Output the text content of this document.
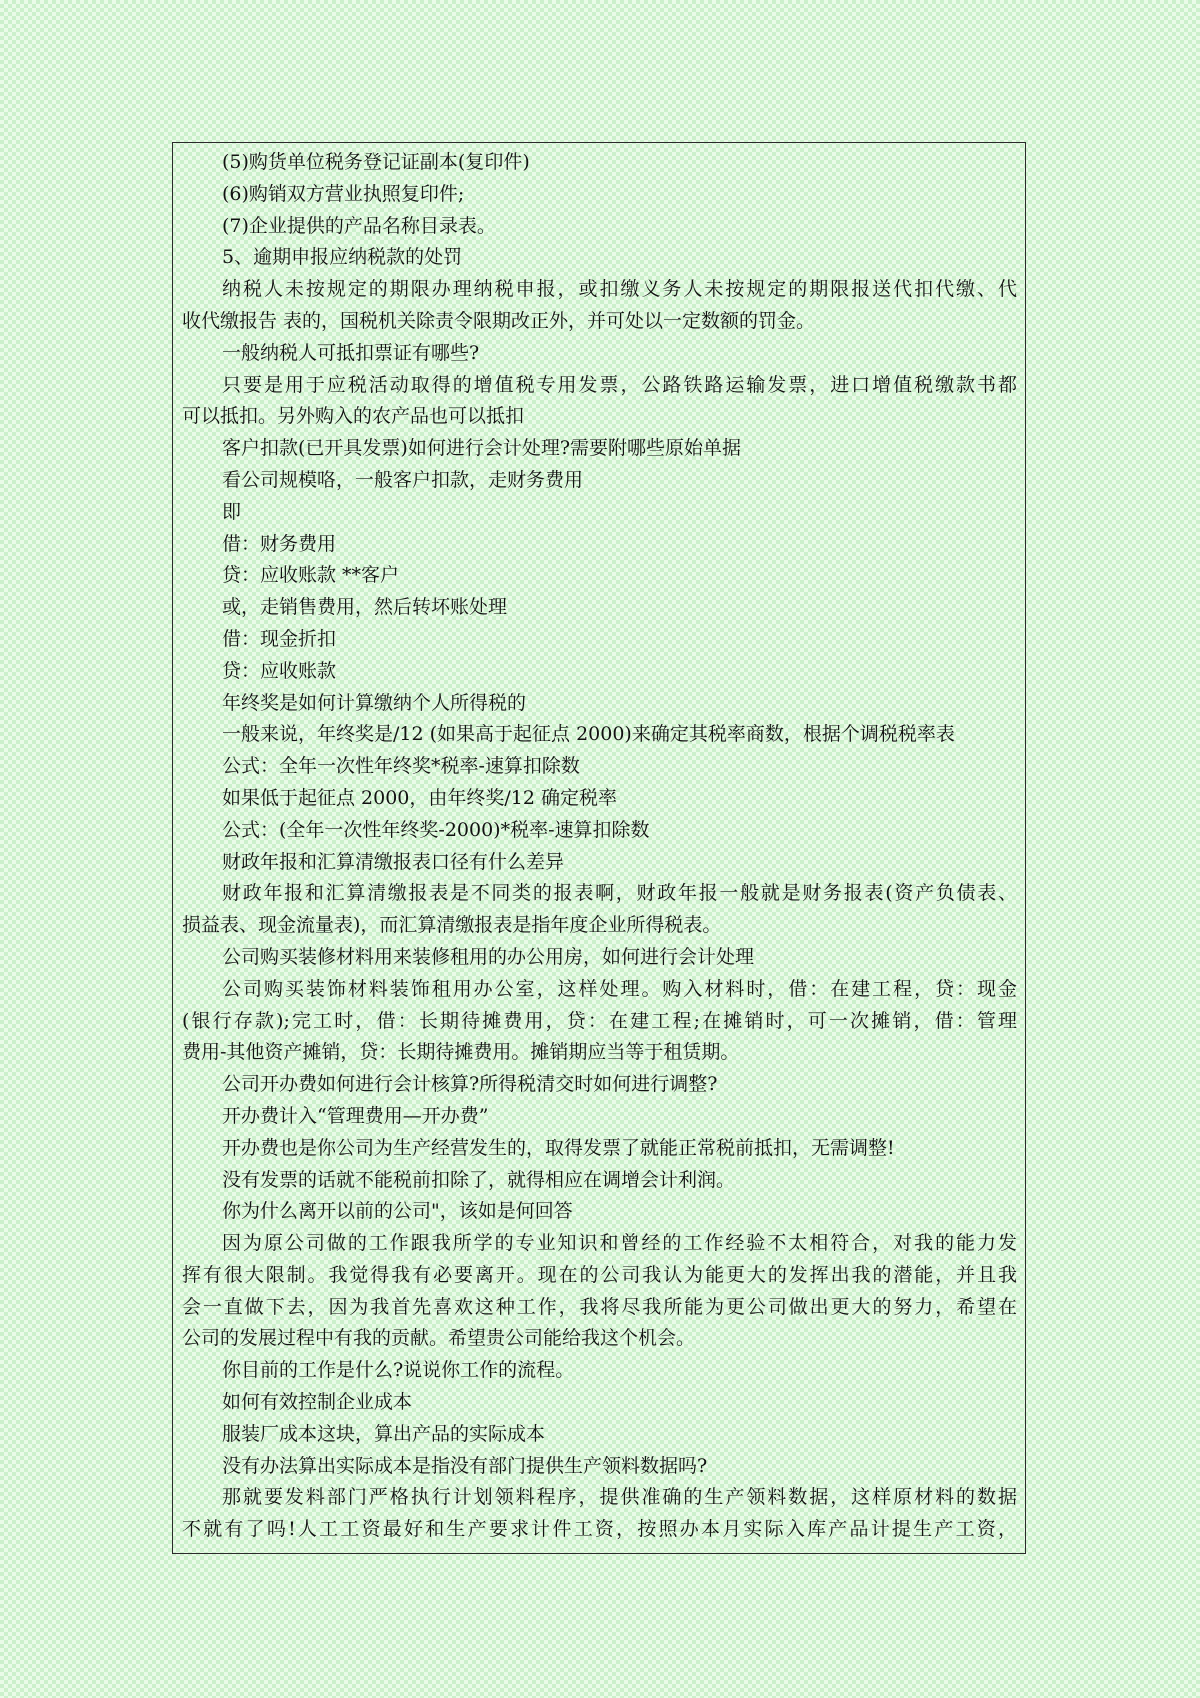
(5)购货单位税务登记证副本(复印件)
(6)购销双方营业执照复印件;
(7)企业提供的产品名称目录表。
5、逾期申报应纳税款的处罚
纳税人未按规定的期限办理纳税申报，或扣缴义务人未按规定的期限报送代扣代缴、代
收代缴报告 表的，国税机关除责令限期改正外，并可处以一定数额的罚金。
一般纳税人可抵扣票证有哪些?
只要是用于应税活动取得的增值税专用发票，公路铁路运输发票，进口增值税缴款书都
可以抵扣。另外购入的农产品也可以抵扣
客户扣款(已开具发票)如何进行会计处理?需要附哪些原始单据
看公司规模咯，一般客户扣款，走财务费用
即
借：财务费用
贷：应收账款 **客户
或，走销售费用，然后转坏账处理
借：现金折扣
贷：应收账款
年终奖是如何计算缴纳个人所得税的
一般来说，年终奖是/12 (如果高于起征点 2000)来确定其税率商数，根据个调税税率表
公式：全年一次性年终奖*税率-速算扣除数
如果低于起征点 2000，由年终奖/12 确定税率
公式：(全年一次性年终奖-2000)*税率-速算扣除数
财政年报和汇算清缴报表口径有什么差异
财政年报和汇算清缴报表是不同类的报表啊，财政年报一般就是财务报表(资产负债表、
损益表、现金流量表)，而汇算清缴报表是指年度企业所得税表。
公司购买装修材料用来装修租用的办公用房，如何进行会计处理
公司购买装饰材料装饰租用办公室，这样处理。购入材料时，借：在建工程，贷：现金
(银行存款);完工时，借：长期待摊费用，贷：在建工程;在摊销时，可一次摊销，借：管理
费用-其他资产摊销，贷：长期待摊费用。摊销期应当等于租赁期。
公司开办费如何进行会计核算?所得税清交时如何进行调整?
开办费计入“管理费用—开办费”
开办费也是你公司为生产经营发生的，取得发票了就能正常税前抵扣，无需调整!
没有发票的话就不能税前扣除了，就得相应在调增会计利润。
你为什么离开以前的公司"，该如是何回答
因为原公司做的工作跟我所学的专业知识和曾经的工作经验不太相符合，对我的能力发
挥有很大限制。我觉得我有必要离开。现在的公司我认为能更大的发挥出我的潜能，并且我
会一直做下去，因为我首先喜欢这种工作，我将尽我所能为更公司做出更大的努力，希望在
公司的发展过程中有我的贡献。希望贵公司能给我这个机会。
你目前的工作是什么?说说你工作的流程。
如何有效控制企业成本
服装厂成本这块，算出产品的实际成本
没有办法算出实际成本是指没有部门提供生产领料数据吗?
那就要发料部门严格执行计划领料程序，提供准确的生产领料数据，这样原材料的数据
不就有了吗!人工工资最好和生产要求计件工资，按照办本月实际入库产品计提生产工资，
